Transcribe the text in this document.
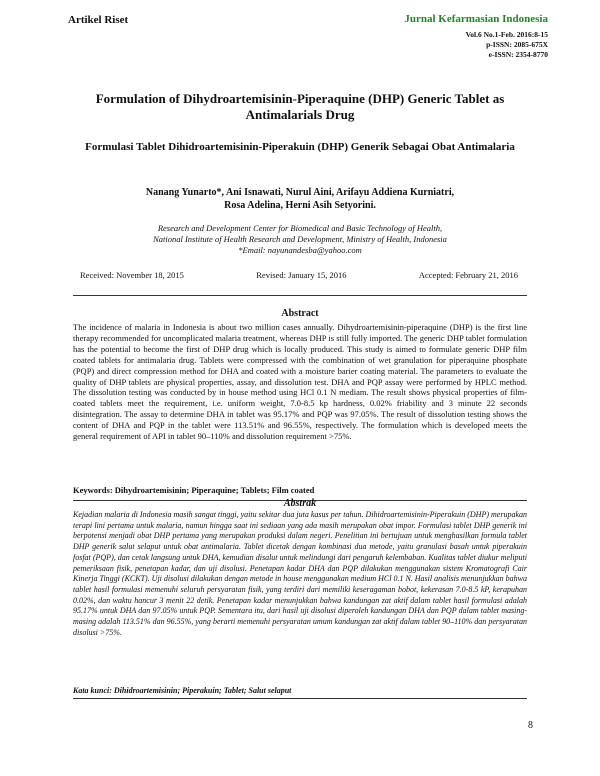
Artikel Riset	Jurnal Kefarmasian Indonesia
Vol.6 No.1-Feb. 2016:8-15
p-ISSN: 2085-675X
e-ISSN: 2354-8770
Formulation of Dihydroartemisinin-Piperaquine (DHP) Generic Tablet as Antimalarials Drug
Formulasi Tablet Dihidroartemisinin-Piperakuin (DHP) Generik Sebagai Obat Antimalaria
Nanang Yunarto*, Ani Isnawati, Nurul Aini, Arifayu Addiena Kurniatri,
Rosa Adelina, Herni Asih Setyorini.
Research and Development Center for Biomedical and Basic Technology of Health,
National Institute of Health Research and Development, Ministry of Health, Indonesia
*Email: nayunandesba@yahoo.com
Received: November 18, 2015	Revised: January 15, 2016	Accepted: February 21, 2016
Abstract
The incidence of malaria in Indonesia is about two million cases annually. Dihydroartemisinin-piperaquine (DHP) is the first line therapy recommended for uncomplicated malaria treatment, whereas DHP is still fully imported. The generic DHP tablet formulation has the potential to become the first of DHP drug which is locally produced. This study is aimed to formulate generic DHP film coated tablets for antimalaria drug. Tablets were compressed with the combination of wet granulation for piperaquine phosphate (PQP) and direct compression method for DHA and coated with a moisture barier coating material. The parameters to evaluate the quality of DHP tablets are physical properties, assay, and dissolution test. DHA and PQP assay were performed by HPLC method. The dissolution testing was conducted by in house method using HCl 0.1 N mediam. The result shows physical properties of film-coated tablets meet the requirement, i.e. uniform weight, 7.0-8.5 kp hardness, 0.02% friability and 3 minute 22 seconds disintegration. The assay to determine DHA in tablet was 95.17% and PQP was 97.05%. The result of dissolution testing shows the content of DHA and PQP in the tablet were 113.51% and 96.55%, respectively. The formulation which is developed meets the general requirement of API in tablet 90–110% and dissolution requirement >75%.
Keywords: Dihydroartemisinin; Piperaquine; Tablets; Film coated
Abstrak
Kejadian malaria di Indonesia masih sangat tinggi, yaitu sekitar dua juta kasus per tahun. Dihidroartemisinin-Piperakuin (DHP) merupakan terapi lini pertama untuk malaria, namun hingga saat ini sediaan yang ada masih merupakan obat impor. Formulasi tablet DHP generik ini berpotensi menjadi obat DHP pertama yang merupakan produksi dalam negeri. Penelitian ini bertujuan untuk menghasilkan formula tablet DHP generik salut selaput untuk obat antimalaria. Tablet dicetak dengan kombinasi dua metode, yaitu granulasi basah untuk piperakuin fosfat (PQP), dan cetak langsung untuk DHA, kemudian disalut untuk melindungi dari pengaruh kelembaban. Kualitas tablet diukur meliputi pemeriksaan fisik, penetapan kadar, dan uji disolusi. Penetapan kadar DHA dan PQP dilakukan menggunakan sistem Kromatografi Cair Kinerja Tinggi (KCKT). Uji disolusi dilakukan dengan metode in house menggunakan medium HCl 0.1 N. Hasil analisis menunjukkan bahwa tablet hasil formulasi memenuhi seluruh persyaratan fisik, yang terdiri dari memiliki keseragaman bobot, kekerasan 7.0-8.5 kP, kerapuhan 0.02%, dan waktu hancur 3 menit 22 detik. Penetapan kadar menunjukkan bahwa kandungan zat aktif dalam tablet hasil formulasi adalah 95.17% untuk DHA dan 97.05% untuk PQP. Sementara itu, dari hasil uji disolusi diperoleh kandungan DHA dan PQP dalam tablet masing-masing adalah 113.51% dan 96.55%, yang berarti memenuhi persyaratan umum kandungan zat aktif dalam tablet 90–110% dan persyaratan disolusi >75%.
Kata kunci: Dihidroartemisinin; Piperakuin; Tablet; Salut selaput
8
